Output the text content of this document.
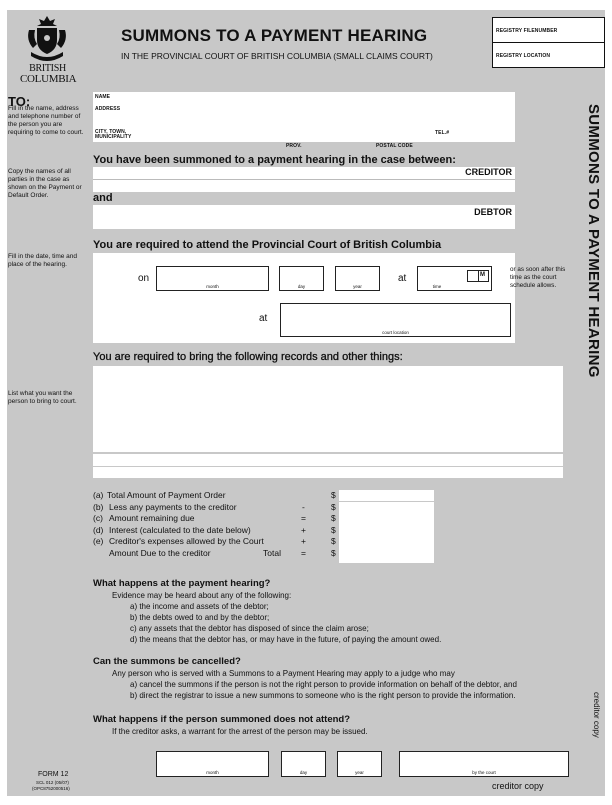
BRITISH
COLUMBIA
SUMMONS TO A PAYMENT HEARING
IN THE PROVINCIAL COURT OF BRITISH COLUMBIA (SMALL CLAIMS COURT)
REGISTRY FILENUMBER
REGISTRY LOCATION
TO:
Fill in the name, address and telephone number of the person you are requiring to come to court.
NAME
ADDRESS
CITY, TOWN,
MUNICIPALITY
TEL.#
PROV.	POSTAL CODE
You have been summoned to a payment hearing in the case between:
Copy the names of all parties in the case as shown on the Payment or Default Order.
CREDITOR
and
DEBTOR
You are required to attend the Provincial Court of British Columbia
Fill in the date, time and place of the hearing.
on
month	day	year
at
time
M
or as soon after this time as the court schedule allows.
at
court location
You are required to bring the following records and other things:
List what you want the person to bring to court.
(a) Total Amount of Payment Order	$
(b) Less any payments to the creditor	-	$
(c) Amount remaining due	=	$
(d) Interest (calculated to the date below)	+	$
(e) Creditor's expenses allowed by the Court	+	$
Amount Due to the creditor	Total =	$
What happens at the payment hearing?
Evidence may be heard about any of the following:
a) the income and assets of the debtor;
b) the debts owed to and by the debtor;
c) any assets that the debtor has disposed of since the claim arose;
d) the means that the debtor has, or may have in the future, of paying the amount owed.
Can the summons be cancelled?
Any person who is served with a Summons to a Payment Hearing may apply to a judge who may
a) cancel the summons if the person is not the right person to provide information on behalf of the debtor, and
b) direct the registrar to issue a new summons to someone who is the right person to provide the information.
What happens if the person summoned does not attend?
If the creditor asks, a warrant for the arrest of the person may be issued.
FORM 12
SCL 012 (05/07)
(OPC8752000516)
month	day	year	by the court
creditor copy
SUMMONS TO A PAYMENT HEARING
creditor copy
